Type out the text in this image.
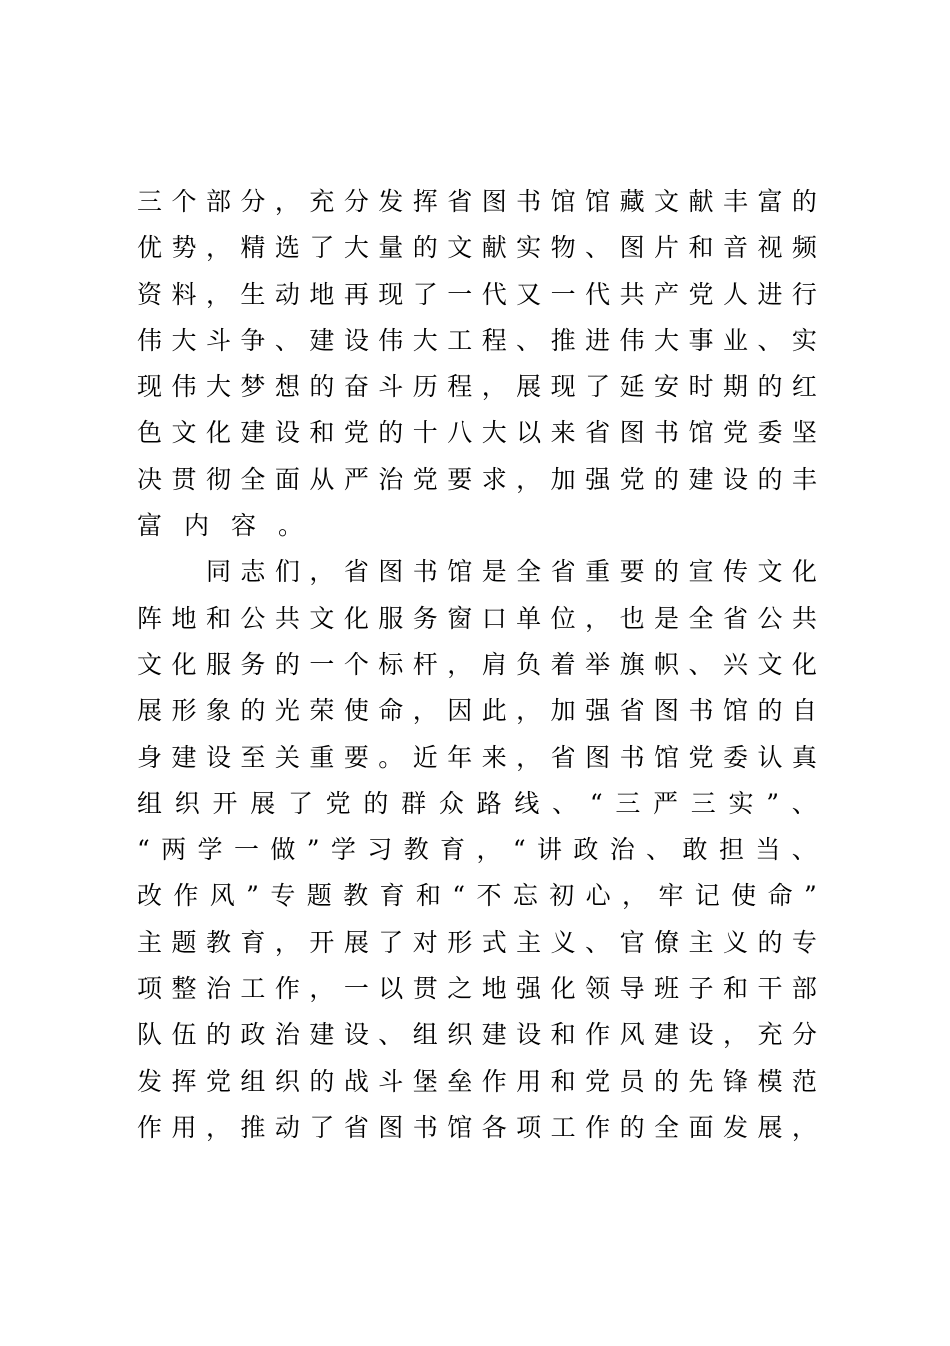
三 个 部 分 ， 充 分 发 挥 省 图 书 馆 馆 藏 文 献 丰 富 的
优 势 ， 精 选 了 大 量 的 文 献 实 物 、 图 片 和 音 视 频
资 料 ， 生 动 地 再 现 了 一 代 又 一 代 共 产 党 人 进 行
伟 大 斗 争 、 建 设 伟 大 工 程 、 推 进 伟 大 事 业 、 实
现 伟 大 梦 想 的 奋 斗 历 程 ， 展 现 了 延 安 时 期 的 红
色 文 化 建 设 和 党 的 十 八 大 以 来 省 图 书 馆 党 委 坚
决 贯 彻 全 面 从 严 治 党 要 求 ， 加 强 党 的 建 设 的 丰
富内容。

同 志 们 ， 省 图 书 馆 是 全 省 重 要 的 宣 传 文 化
阵 地 和 公 共 文 化 服 务 窗 口 单 位 ， 也 是 全 省 公 共
文 化 服 务 的 一 个 标 杆 ， 肩 负 着 举 旗 帜 、 兴 文 化
展 形 象 的 光 荣 使 命 ， 因 此 ， 加 强 省 图 书 馆 的 自
身 建 设 至 关 重 要 。 近 年 来 ， 省 图 书 馆 党 委 认 真
组 织 开 展 了 党 的 群 众 路 线 、 “ 三 严 三 实 ” 、
“ 两 学 一 做 ” 学 习 教 育 ， “ 讲 政 治 、 敢 担 当 、
改 作 风 ” 专 题 教 育 和 “ 不 忘 初 心 ， 牢 记 使 命 ”
主 题 教 育 ， 开 展 了 对 形 式 主 义 、 官 僚 主 义 的 专
项 整 治 工 作 ， 一 以 贯 之 地 强 化 领 导 班 子 和 干 部
队 伍 的 政 治 建 设 、 组 织 建 设 和 作 风 建 设 ， 充 分
发 挥 党 组 织 的 战 斗 堡 垒 作 用 和 党 员 的 先 锋 模 范
作 用 ， 推 动 了 省 图 书 馆 各 项 工 作 的 全 面 发 展 ，
